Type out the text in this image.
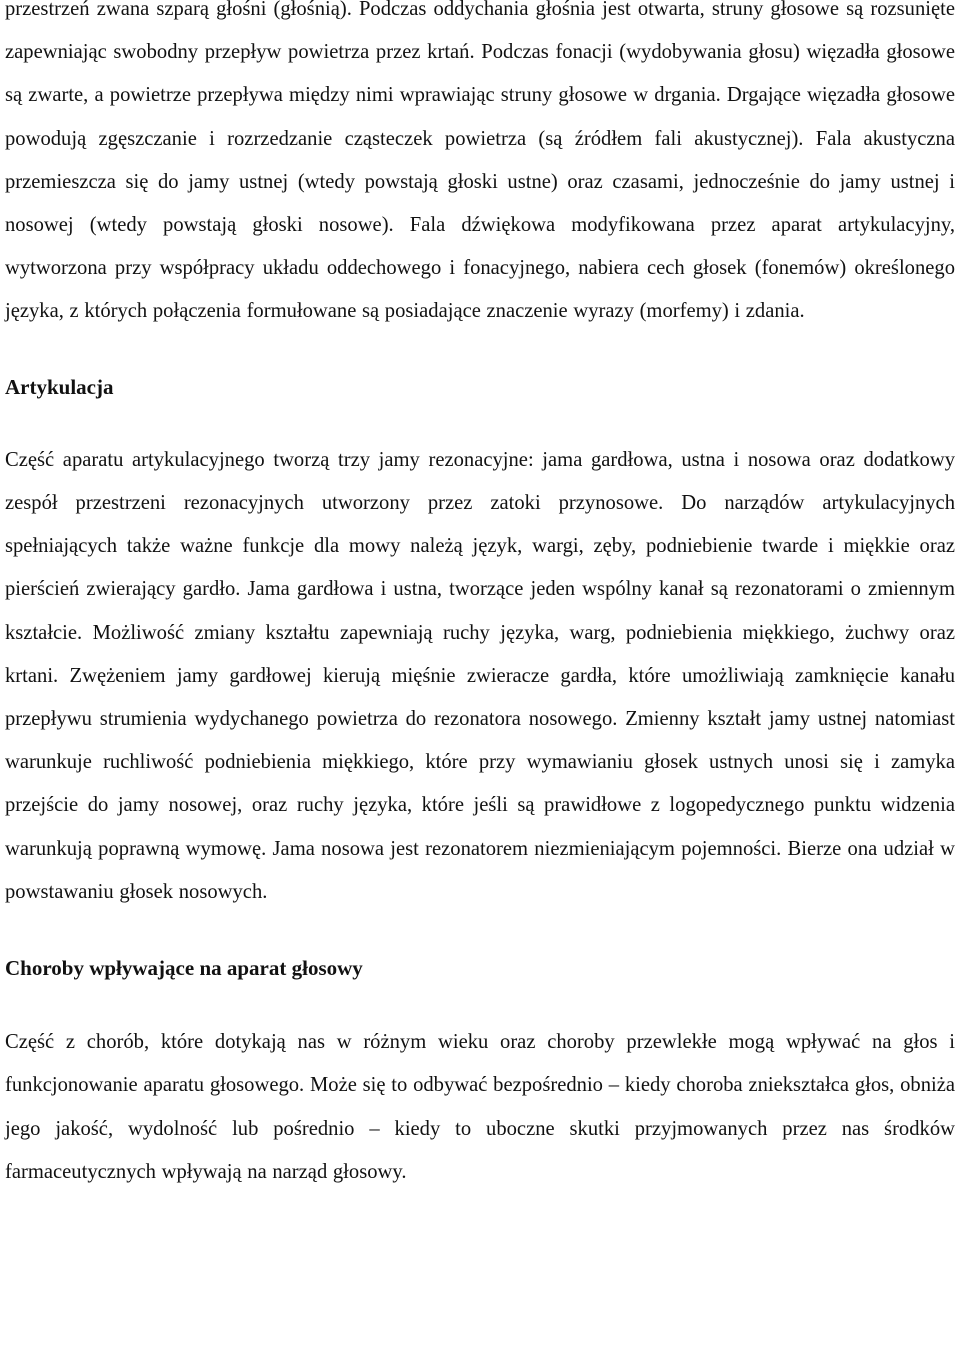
przestrzeń zwana szparą głośni (głośnią). Podczas oddychania głośnia jest otwarta, struny głosowe są rozsunięte zapewniając swobodny przepływ powietrza przez krtań. Podczas fonacji (wydobywania głosu) więzadła głosowe są zwarte, a powietrze przepływa między nimi wprawiając struny głosowe w drgania. Drgające więzadła głosowe powodują zgęszczanie i rozrzedzanie cząsteczek powietrza (są źródłem fali akustycznej). Fala akustyczna przemieszcza się do jamy ustnej (wtedy powstają głoski ustne) oraz czasami, jednocześnie do jamy ustnej i nosowej (wtedy powstają głoski nosowe). Fala dźwiękowa modyfikowana przez aparat artykulacyjny, wytworzona przy współpracy układu oddechowego i fonacyjnego, nabiera cech głosek (fonemów) określonego języka, z których połączenia formułowane są posiadające znaczenie wyrazy (morfemy) i zdania.

Artykulacja

Część aparatu artykulacyjnego tworzą trzy jamy rezonacyjne: jama gardłowa, ustna i nosowa oraz dodatkowy zespół przestrzeni rezonacyjnych utworzony przez zatoki przynosowe. Do narządów artykulacyjnych spełniających także ważne funkcje dla mowy należą język, wargi, zęby, podniebienie twarde i miękkie oraz pierścień zwierający gardło. Jama gardłowa i ustna, tworzące jeden wspólny kanał są rezonatorami o zmiennym kształcie. Możliwość zmiany kształtu zapewniają ruchy języka, warg, podniebienia miękkiego, żuchwy oraz krtani. Zwężeniem jamy gardłowej kierują mięśnie zwieracze gardła, które umożliwiają zamknięcie kanału przepływu strumienia wydychanego powietrza do rezonatora nosowego. Zmienny kształt jamy ustnej natomiast warunkuje ruchliwość podniebienia miękkiego, które przy wymawianiu głosek ustnych unosi się i zamyka przejście do jamy nosowej, oraz ruchy języka, które jeśli są prawidłowe z logopedycznego punktu widzenia warunkują poprawną wymowę. Jama nosowa jest rezonatorem niezmieniającym pojemności. Bierze ona udział w powstawaniu głosek nosowych.

Choroby wpływające na aparat głosowy

Część z chorób, które dotykają nas w różnym wieku oraz choroby przewlekłe mogą wpływać na głos i funkcjonowanie aparatu głosowego. Może się to odbywać bezpośrednio – kiedy choroba zniekształca głos, obniża jego jakość, wydolność lub pośrednio – kiedy to uboczne skutki przyjmowanych przez nas środków farmaceutycznych wpływają na narząd głosowy.
